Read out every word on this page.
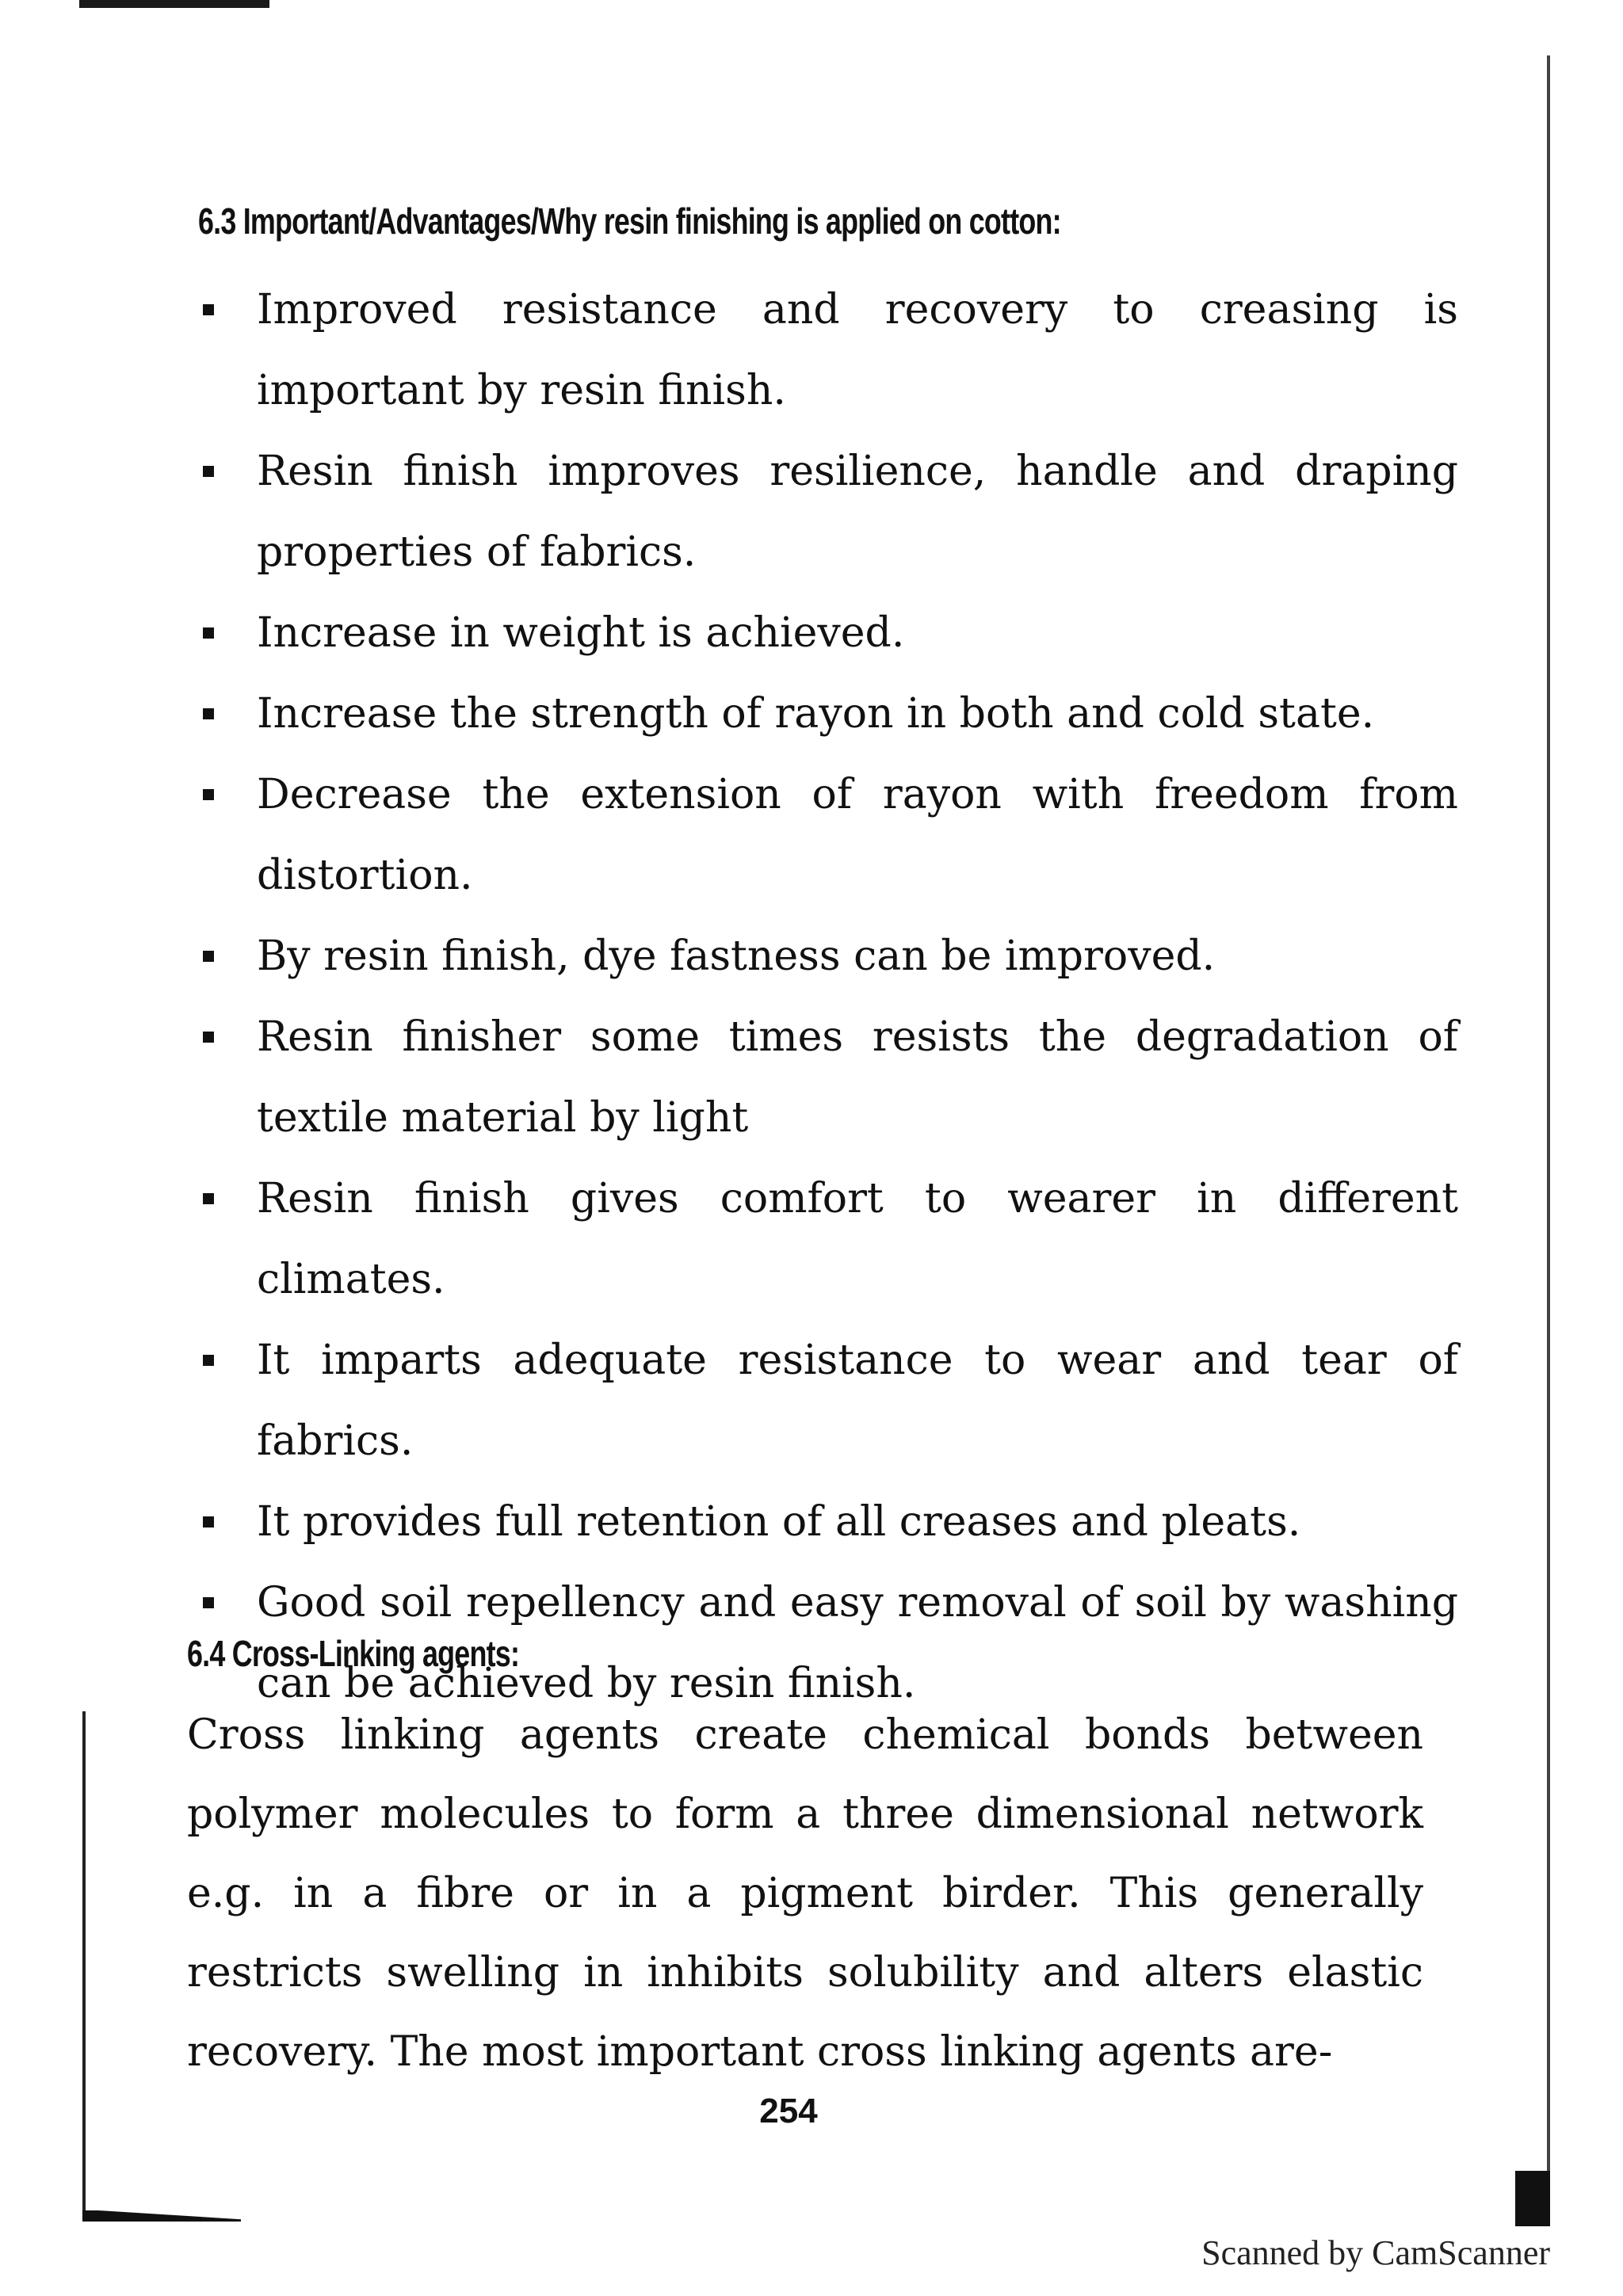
6.3 Important/Advantages/Why resin finishing is applied on cotton:
Improved resistance and recovery to creasing is important by resin finish.
Resin finish improves resilience, handle and draping properties of fabrics.
Increase in weight is achieved.
Increase the strength of rayon in both and cold state.
Decrease the extension of rayon with freedom from distortion.
By resin finish, dye fastness can be improved.
Resin finisher some times resists the degradation of textile material by light
Resin finish gives comfort to wearer in different climates.
It imparts adequate resistance to wear and tear of fabrics.
It provides full retention of all creases and pleats.
Good soil repellency and easy removal of soil by washing can be achieved by resin finish.
6.4 Cross-Linking agents:

Cross linking agents create chemical bonds between polymer molecules to form a three dimensional network e.g. in a fibre or in a pigment birder. This generally restricts swelling in inhibits solubility and alters elastic recovery. The most important cross linking agents are-

254
Scanned by CamScanner
